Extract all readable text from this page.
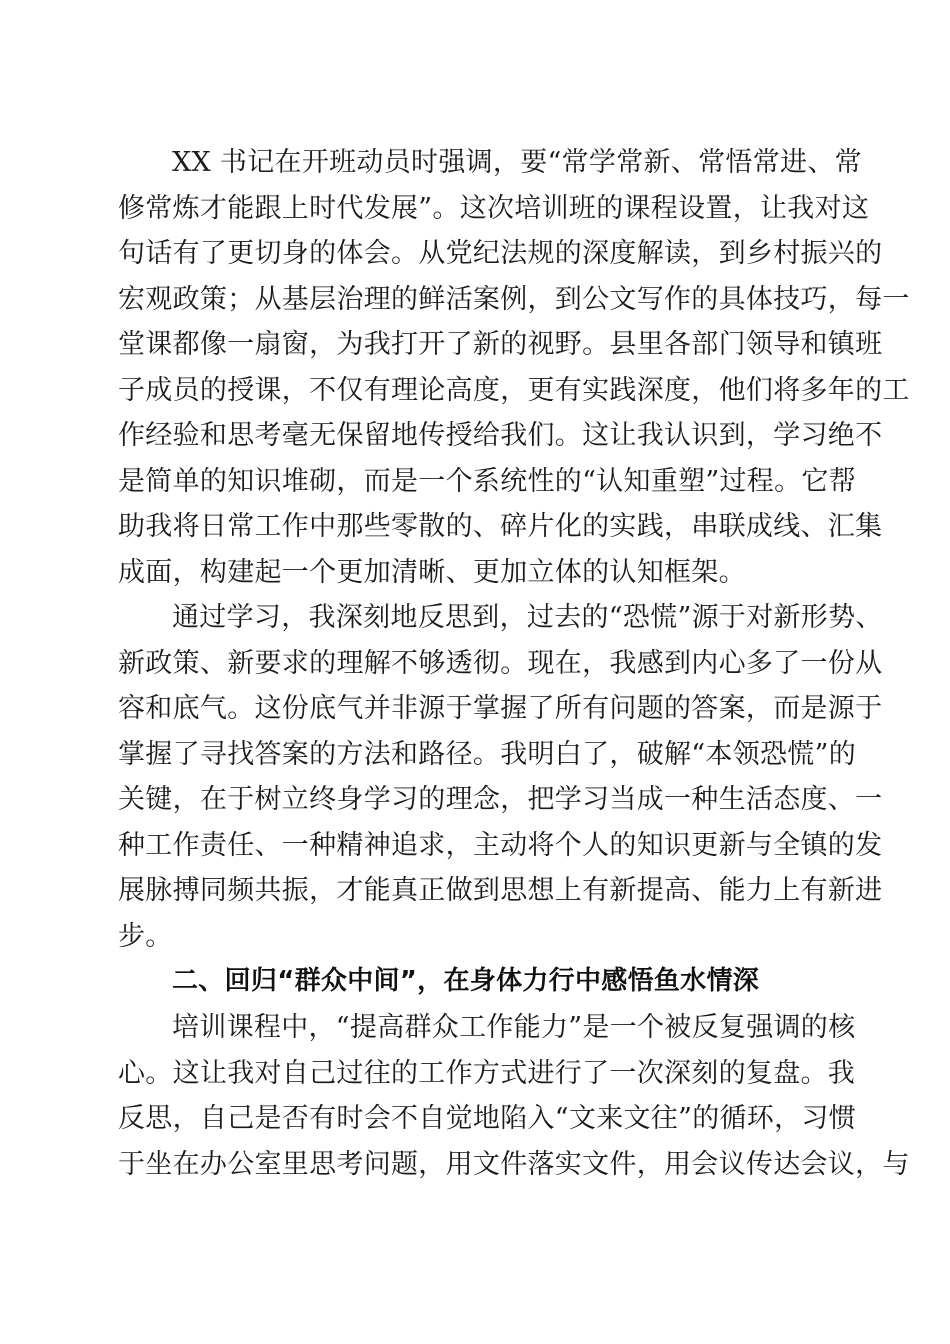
XX 书记在开班动员时强调，要“常学常新、常悟常进、常
修常炼才能跟上时代发展”。这次培训班的课程设置，让我对这
句话有了更切身的体会。从党纪法规的深度解读，到乡村振兴的
宏观政策；从基层治理的鲜活案例，到公文写作的具体技巧，每一
堂课都像一扇窗，为我打开了新的视野。县里各部门领导和镇班
子成员的授课，不仅有理论高度，更有实践深度，他们将多年的工
作经验和思考毫无保留地传授给我们。这让我认识到，学习绝不
是简单的知识堆砌，而是一个系统性的“认知重塑”过程。它帮
助我将日常工作中那些零散的、碎片化的实践，串联成线、汇集
成面，构建起一个更加清晰、更加立体的认知框架。
通过学习，我深刻地反思到，过去的“恐慌”源于对新形势、
新政策、新要求的理解不够透彻。现在，我感到内心多了一份从
容和底气。这份底气并非源于掌握了所有问题的答案，而是源于
掌握了寻找答案的方法和路径。我明白了，破解“本领恐慌”的
关键，在于树立终身学习的理念，把学习当成一种生活态度、一
种工作责任、一种精神追求，主动将个人的知识更新与全镇的发
展脉搏同频共振，才能真正做到思想上有新提高、能力上有新进
步。
二、回归“群众中间”，在身体力行中感悟鱼水情深
培训课程中，“提高群众工作能力”是一个被反复强调的核
心。这让我对自己过往的工作方式进行了一次深刻的复盘。我
反思，自己是否有时会不自觉地陷入“文来文往”的循环，习惯
于坐在办公室里思考问题，用文件落实文件，用会议传达会议，与
